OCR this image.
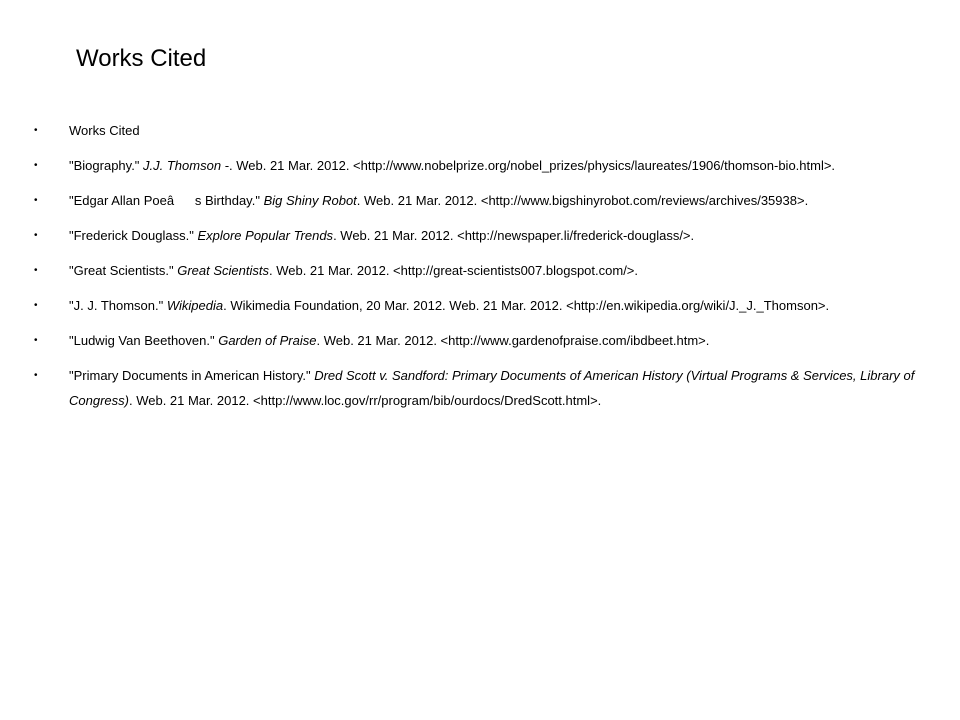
Works Cited
• Works Cited
• "Biography." J.J. Thomson -. Web. 21 Mar. 2012. <http://www.nobelprize.org/nobel_prizes/physics/laureates/1906/thomson-bio.html>.
• "Edgar Allan Poeâs Birthday." Big Shiny Robot. Web. 21 Mar. 2012. <http://www.bigshinyrobot.com/reviews/archives/35938>.
• "Frederick Douglass." Explore Popular Trends. Web. 21 Mar. 2012. <http://newspaper.li/frederick-douglass/>.
• "Great Scientists." Great Scientists. Web. 21 Mar. 2012. <http://great-scientists007.blogspot.com/>.
• "J. J. Thomson." Wikipedia. Wikimedia Foundation, 20 Mar. 2012. Web. 21 Mar. 2012. <http://en.wikipedia.org/wiki/J._J._Thomson>.
• "Ludwig Van Beethoven." Garden of Praise. Web. 21 Mar. 2012. <http://www.gardenofpraise.com/ibdbeet.htm>.
• "Primary Documents in American History." Dred Scott v. Sandford: Primary Documents of American History (Virtual Programs & Services, Library of Congress). Web. 21 Mar. 2012. <http://www.loc.gov/rr/program/bib/ourdocs/DredScott.html>.
